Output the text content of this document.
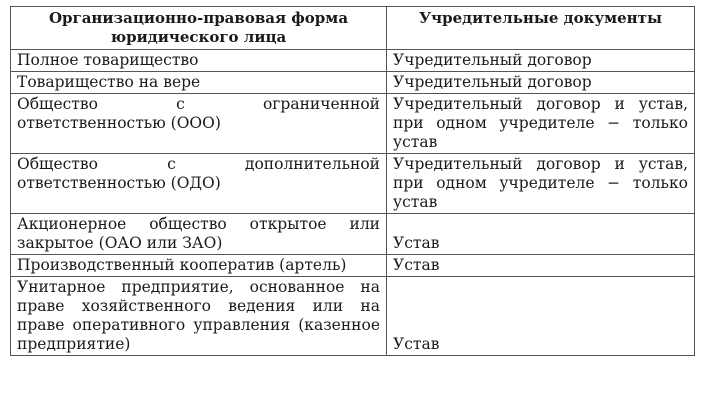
Организационно-правовая форма юридического лица	Учредительные документы
Полное товарищество	Учредительный договор
Товарищество на вере	Учредительный договор
Общество с ограниченной ответственностью (ООО)	Учредительный договор и устав, при одном учредителе − только устав
Общество с дополнительной ответственностью (ОДО)	Учредительный договор и устав, при одном учредителе − только устав
Акционерное общество открытое или закрытое (ОАО или ЗАО)	Устав
Производственный кооператив (артель)	Устав
Унитарное предприятие, основанное на праве хозяйственного ведения или на праве оперативного управления (казенное предприятие)	Устав
